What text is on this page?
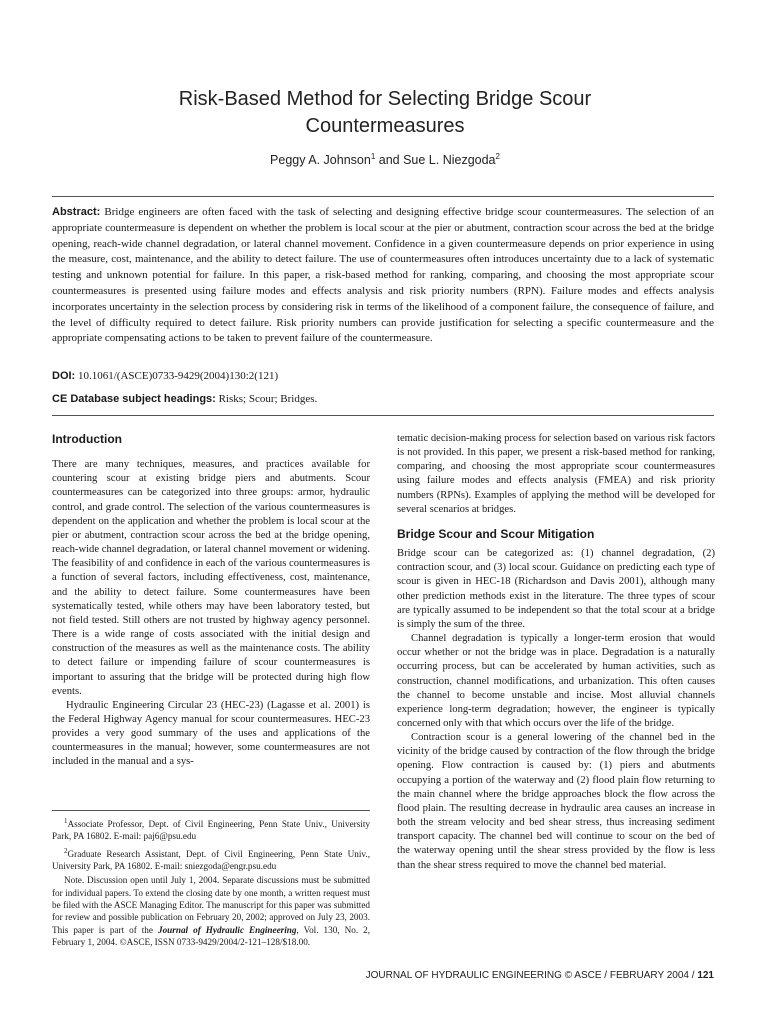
Risk-Based Method for Selecting Bridge Scour
Countermeasures
Peggy A. Johnson$^1$ and Sue L. Niezgoda$^2$

Abstract: Bridge engineers are often faced with the task of selecting and designing effective bridge scour countermeasures. The selection of an appropriate countermeasure is dependent on whether the problem is local scour at the pier or abutment, contraction scour across the bed at the bridge opening, reach-wide channel degradation, or lateral channel movement. Confidence in a given countermeasure depends on prior experience in using the measure, cost, maintenance, and the ability to detect failure. The use of countermeasures often introduces uncertainty due to a lack of systematic testing and unknown potential for failure. In this paper, a risk-based method for ranking, comparing, and choosing the most appropriate scour countermeasures is presented using failure modes and effects analysis and risk priority numbers (RPN). Failure modes and effects analysis incorporates uncertainty in the selection process by considering risk in terms of the likelihood of a component failure, the consequence of failure, and the level of difficulty required to detect failure. Risk priority numbers can provide justification for selecting a specific countermeasure and the appropriate compensating actions to be taken to prevent failure of the countermeasure.

DOI: 10.1061/(ASCE)0733-9429(2004)130:2(121)

CE Database subject headings: Risks; Scour; Bridges.

Introduction

There are many techniques, measures, and practices available for countering scour at existing bridge piers and abutments. Scour countermeasures can be categorized into three groups: armor, hydraulic control, and grade control. The selection of the various countermeasures is dependent on the application and whether the problem is local scour at the pier or abutment, contraction scour across the bed at the bridge opening, reach-wide channel degradation, or lateral channel movement or widening. The feasibility of and confidence in each of the various countermeasures is a function of several factors, including effectiveness, cost, maintenance, and the ability to detect failure. Some countermeasures have been systematically tested, while others may have been laboratory tested, but not field tested. Still others are not trusted by highway agency personnel. There is a wide range of costs associated with the initial design and construction of the measures as well as the maintenance costs. The ability to detect failure or impending failure of scour countermeasures is important to assuring that the bridge will be protected during high flow events.

Hydraulic Engineering Circular 23 (HEC-23) (Lagasse et al. 2001) is the Federal Highway Agency manual for scour countermeasures. HEC-23 provides a very good summary of the uses and applications of the countermeasures in the manual; however, some countermeasures are not included in the manual and a sys-

$^1$Associate Professor, Dept. of Civil Engineering, Penn State Univ., University Park, PA 16802. E-mail: paj6@psu.edu

$^2$Graduate Research Assistant, Dept. of Civil Engineering, Penn State Univ., University Park, PA 16802. E-mail: sniezgoda@engr.psu.edu

Note. Discussion open until July 1, 2004. Separate discussions must be submitted for individual papers. To extend the closing date by one month, a written request must be filed with the ASCE Managing Editor. The manuscript for this paper was submitted for review and possible publication on February 20, 2002; approved on July 23, 2003. This paper is part of the Journal of Hydraulic Engineering, Vol. 130, No. 2, February 1, 2004. ©ASCE, ISSN 0733-9429/2004/2-121–128/$18.00.

tematic decision-making process for selection based on various risk factors is not provided. In this paper, we present a risk-based method for ranking, comparing, and choosing the most appropriate scour countermeasures using failure modes and effects analysis (FMEA) and risk priority numbers (RPNs). Examples of applying the method will be developed for several scenarios at bridges.

Bridge Scour and Scour Mitigation

Bridge scour can be categorized as: (1) channel degradation, (2) contraction scour, and (3) local scour. Guidance on predicting each type of scour is given in HEC-18 (Richardson and Davis 2001), although many other prediction methods exist in the literature. The three types of scour are typically assumed to be independent so that the total scour at a bridge is simply the sum of the three.

Channel degradation is typically a longer-term erosion that would occur whether or not the bridge was in place. Degradation is a naturally occurring process, but can be accelerated by human activities, such as construction, channel modifications, and urbanization. This often causes the channel to become unstable and incise. Most alluvial channels experience long-term degradation; however, the engineer is typically concerned only with that which occurs over the life of the bridge.

Contraction scour is a general lowering of the channel bed in the vicinity of the bridge caused by contraction of the flow through the bridge opening. Flow contraction is caused by: (1) piers and abutments occupying a portion of the waterway and (2) flood plain flow returning to the main channel where the bridge approaches block the flow across the flood plain. The resulting decrease in hydraulic area causes an increase in both the stream velocity and bed shear stress, thus increasing sediment transport capacity. The channel bed will continue to scour on the bed of the waterway opening until the shear stress provided by the flow is less than the shear stress required to move the channel bed material.

JOURNAL OF HYDRAULIC ENGINEERING © ASCE / FEBRUARY 2004 / 121
